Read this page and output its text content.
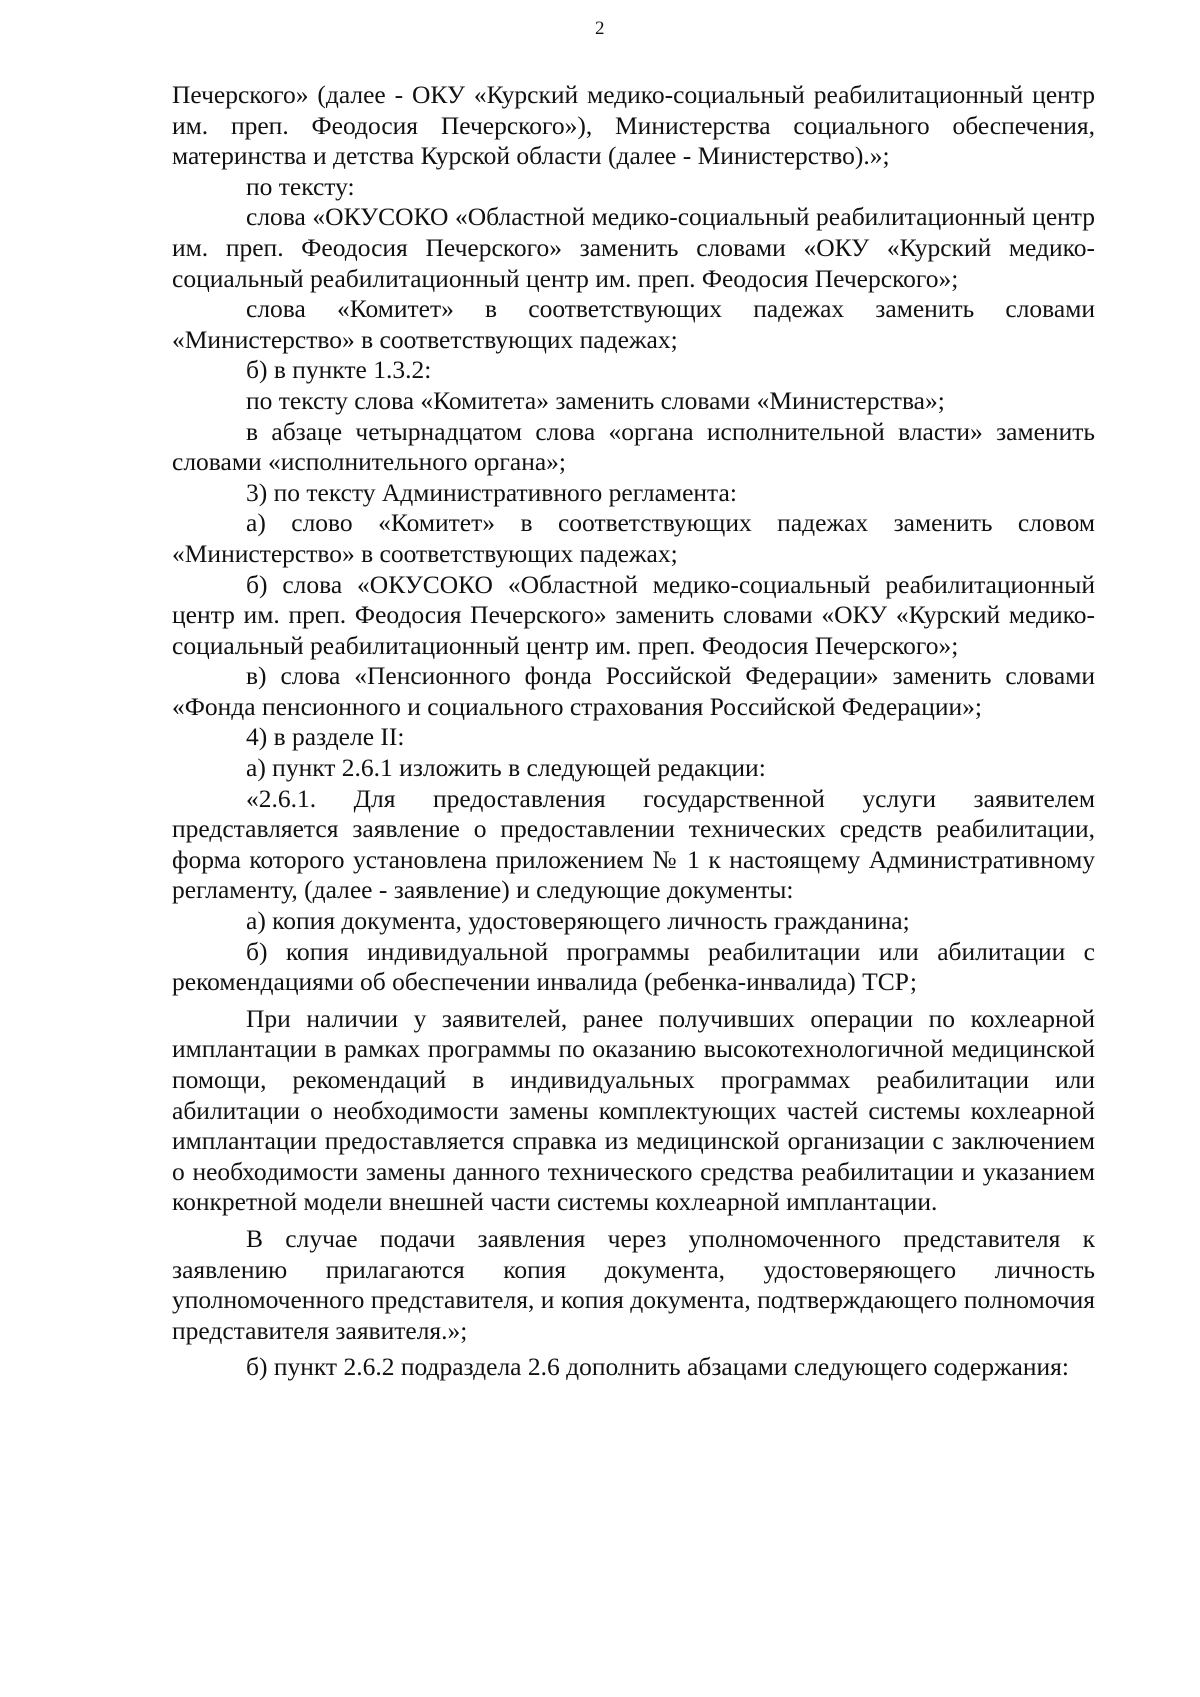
2

Печерского» (далее - ОКУ «Курский медико-социальный реабилитационный центр им. преп. Феодосия Печерского»), Министерства социального обеспечения, материнства и детства Курской области (далее - Министерство).»;

по тексту:

слова «ОКУСОКО «Областной медико-социальный реабилитационный центр им. преп. Феодосия Печерского» заменить словами «ОКУ «Курский медико-социальный реабилитационный центр им. преп. Феодосия Печерского»;

слова «Комитет» в соответствующих падежах заменить словами «Министерство» в соответствующих падежах;

б) в пункте 1.3.2:

по тексту слова «Комитета» заменить словами «Министерства»;

в абзаце четырнадцатом слова «органа исполнительной власти» заменить словами «исполнительного органа»;

3) по тексту Административного регламента:

а) слово «Комитет» в соответствующих падежах заменить словом «Министерство» в соответствующих падежах;

б) слова «ОКУСОКО «Областной медико-социальный реабилитационный центр им. преп. Феодосия Печерского» заменить словами «ОКУ «Курский медико-социальный реабилитационный центр им. преп. Феодосия Печерского»;

в) слова «Пенсионного фонда Российской Федерации» заменить словами «Фонда пенсионного и социального страхования Российской Федерации»;

4) в разделе II:

а) пункт 2.6.1 изложить в следующей редакции:

«2.6.1. Для предоставления государственной услуги заявителем представляется заявление о предоставлении технических средств реабилитации, форма которого установлена приложением № 1 к настоящему Административному регламенту, (далее - заявление) и следующие документы:

а) копия документа, удостоверяющего личность гражданина;

б) копия индивидуальной программы реабилитации или абилитации с рекомендациями об обеспечении инвалида (ребенка-инвалида) ТСР;

При наличии у заявителей, ранее получивших операции по кохлеарной имплантации в рамках программы по оказанию высокотехнологичной медицинской помощи, рекомендаций в индивидуальных программах реабилитации или абилитации о необходимости замены комплектующих частей системы кохлеарной имплантации предоставляется справка из медицинской организации с заключением о необходимости замены данного технического средства реабилитации и указанием конкретной модели внешней части системы кохлеарной имплантации.

В случае подачи заявления через уполномоченного представителя к заявлению прилагаются копия документа, удостоверяющего личность уполномоченного представителя, и копия документа, подтверждающего полномочия представителя заявителя.»;

б) пункт 2.6.2 подраздела 2.6 дополнить абзацами следующего содержания:
